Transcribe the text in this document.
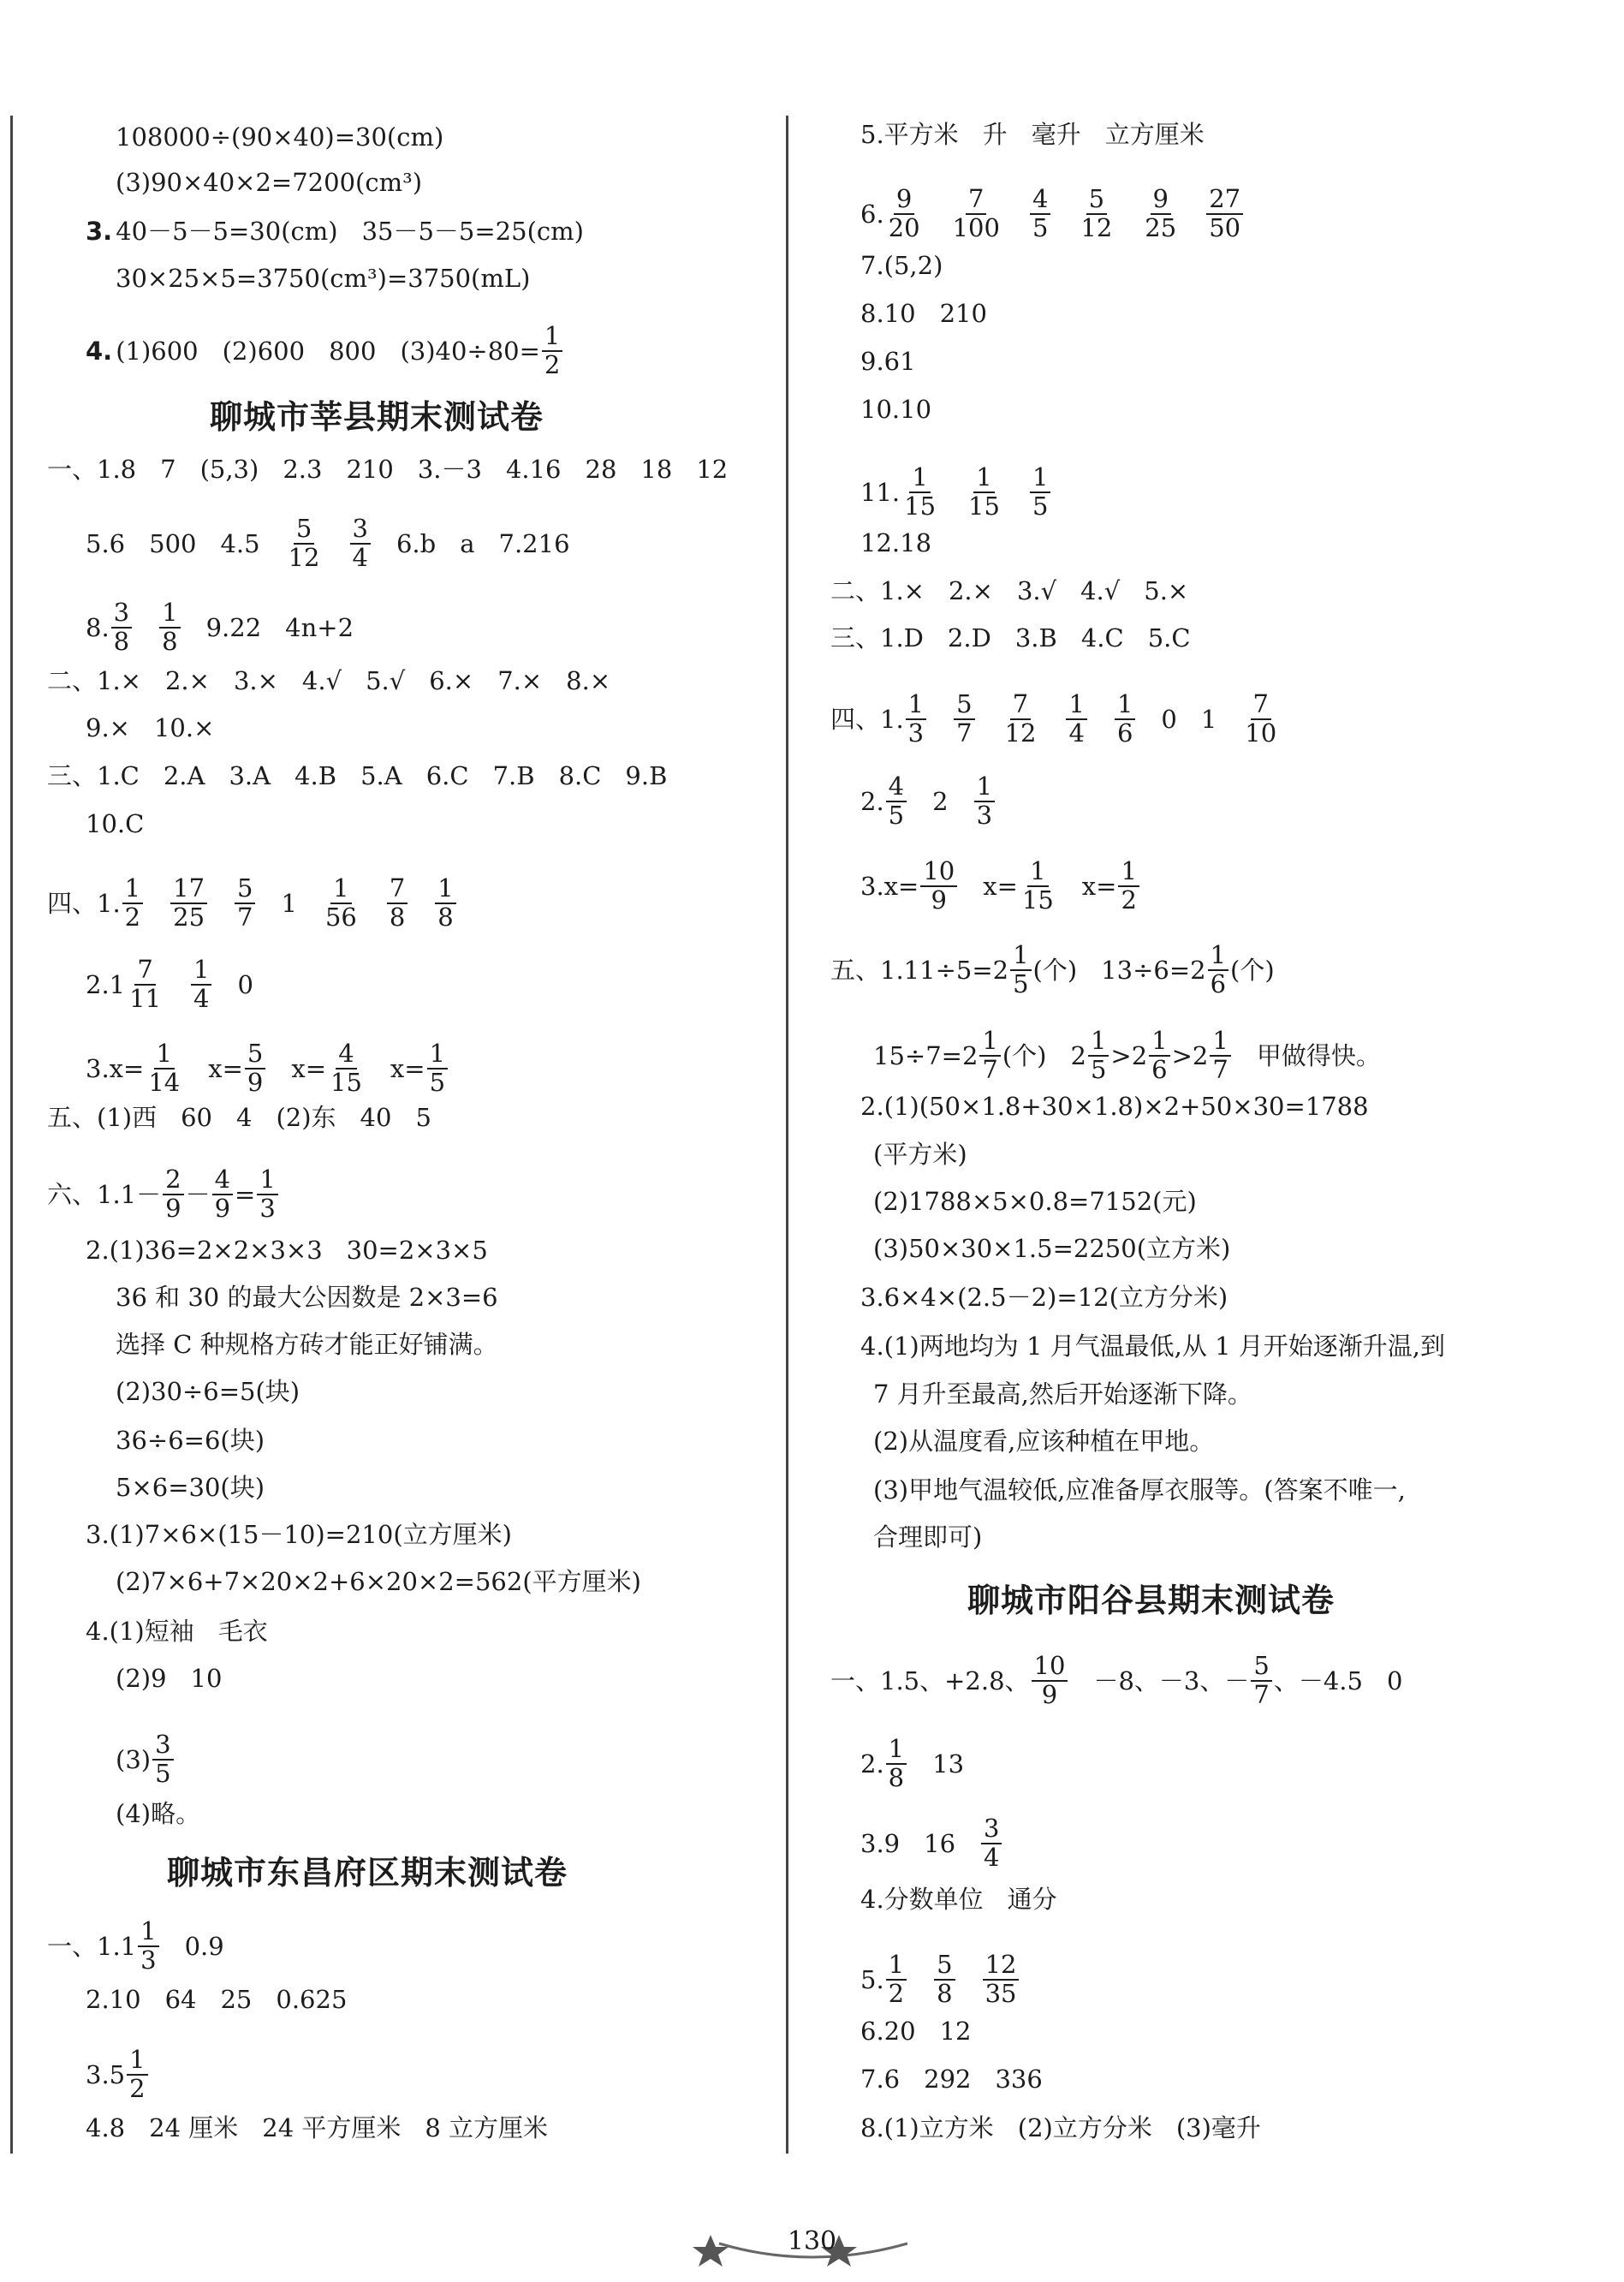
108000÷(90×40)=30(cm)
(3)90×40×2=7200(cm³)
3. 40－5－5=30(cm) 35－5－5=25(cm)
30×25×5=3750(cm³)=3750(mL)
4. (1)600 (2)600 800 $(3)40\div 80= \frac{1}{2}$
聊城市莘县期末测试卷
一、1.8 7 (5,3) 2.3 210 3.－3 4.16 28 18 12
5.6 500 $4.5 \frac{5}{12} \frac{3}{4} 6.b$ a 7.216
8. $\frac{3}{8} \frac{1}{8} 9.22$ 4n+2
二、1.× 2.× 3.× 4.√ 5.√ 6.× 7.× 8.×
9.× 10.×
三、1.C 2.A 3.A 4.B 5.A 6.C 7.B 8.C 9.B
10.C
四、1. $\frac{1}{2} \frac{17}{25} \frac{5}{7} 1 \frac{1}{56} \frac{7}{8} \frac{1}{8}$
$2.1 \frac{7}{11} \frac{1}{4} 0$
$3.x= \frac{1}{14} x= \frac{5}{9} x= \frac{4}{15} x= \frac{1}{5}$
五、(1)西 60 4 (2)东 40 5
六、$1.1- \frac{2}{9} - \frac{4}{9} = \frac{1}{3}$
2.(1)36=2×2×3×3 30=2×3×5
36 和 30 的最大公因数是 2×3=6
选择 C 种规格方砖才能正好铺满。
(2)30÷6=5(块)
36÷6=6(块)
5×6=30(块)
3.(1)7×6×(15－10)=210(立方厘米)
(2)7×6+7×20×2+6×20×2=562(平方厘米)
4.(1)短袖 毛衣
(2)9 10
$(3) \frac{3}{5}$
(4)略。
聊城市东昌府区期末测试卷
一、$1.1 \frac{1}{3} 0.9$
2.10 64 25 0.625
$3.5 \frac{1}{2}$
4.8 24 厘米 24 平方厘米 8 立方厘米
5.平方米 升 毫升 立方厘米
6. $\frac{9}{20} \frac{7}{100} \frac{4}{5} \frac{5}{12} \frac{9}{25} \frac{27}{50}$
7.(5,2)
8.10 210
9.61
10.10
11. $\frac{1}{15} \frac{1}{15} \frac{1}{5}$
12.18
二、1.× 2.× 3.√ 4.√ 5.×
三、1.D 2.D 3.B 4.C 5.C
四、1. $\frac{1}{3} \frac{5}{7} \frac{7}{12} \frac{1}{4} \frac{1}{6} 0$ $1 \frac{7}{10}$
2. $\frac{4}{5} 2 \frac{1}{3}$
$3.x= \frac{10}{9} x= \frac{1}{15} x= \frac{1}{2}$
五、$1.11\div 5=2 \frac{1}{5}$ (个) $13\div 6=2 \frac{1}{6}$ (个)
$15\div 7=2 \frac{1}{7}$ (个) $2 \frac{1}{5} >2 \frac{1}{6} >2 \frac{1}{7}$ 甲做得快。
2.(1)(50×1.8+30×1.8)×2+50×30=1788
(平方米)
(2)1788×5×0.8=7152(元)
(3)50×30×1.5=2250(立方米)
3.6×4×(2.5－2)=12(立方分米)
4.(1)两地均为 1 月气温最低,从 1 月开始逐渐升温,到
7 月升至最高,然后开始逐渐下降。
(2)从温度看,应该种植在甲地。
(3)甲地气温较低,应准备厚衣服等。(答案不唯一,
合理即可)
聊城市阳谷县期末测试卷
一、1.5、+2.8、 $\frac{10}{9} -8$、－3、－ $\frac{5}{7}$ 、－4.5 0
2. $\frac{1}{8} 13$
3.9 $16 \frac{3}{4}$
4.分数单位 通分
5. $\frac{1}{2} \frac{5}{8} \frac{12}{35}$
6.20 12
7.6 292 336
8.(1)立方米 (2)立方分米 (3)毫升
130
